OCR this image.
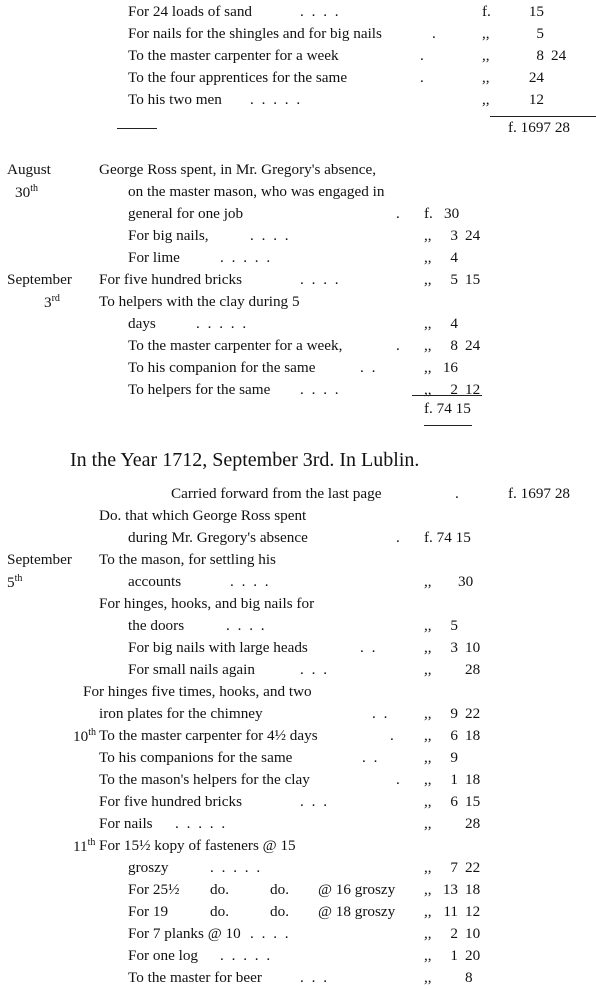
For 24 loads of sand	. . . .	f. 15
For nails for the shingles and for big nails	.	,,	5
To the master carpenter for a week	.	,,	8 24
To the four apprentices for the same	.	,,	24
To his two men . . . . .	,,	12
f. 1697 28
August	George Ross spent, in Mr. Gregory's absence,
30th	on the master mason, who was engaged in
general for one job	. f. 30
For big nails,	. . . .	,,	3 24
For lime	. . . . .	,,	4
September For five hundred bricks	. . . .	,,	5 15
3rd	To helpers with the clay during 5
days	. . . . .	,,	4
To the master carpenter for a week,	. ,,	8 24
To his companion for the same	. .	,, 16
To helpers for the same . . . .	,,	2 12
f. 74 15
In the Year 1712, September 3rd. In Lublin.
Carried forward from the last page	.	f. 1697 28
Do. that which George Ross spent
during Mr. Gregory's absence	. f. 74 15
September To the mason, for settling his
5th	accounts	. . . .	,,	30
For hinges, hooks, and big nails for
the doors	. . . .	,,	5
For big nails with large heads	. .	,,	3 10
For small nails again	. . .	,,	28
For hinges five times, hooks, and two
iron plates for the chimney	. . ,,	9 22
10th To the master carpenter for 4½ days	. ,,	6 18
To his companions for the same	. .	,,	9
To the mason's helpers for the clay	. ,,	1 18
For five hundred bricks	. . .	,,	6 15
For nails . . . . .	,,	28
11th For 15½ kopy of fasteners @ 15
groszy	. . . . .	,,	7 22
For 25½ do.	do. @ 16 groszy ,, 13 18
For 19	do.	do. @ 18 groszy ,, 11 12
For 7 planks @ 10 . . . .	,,	2 10
For one log . . . . .	,,	1 20
To the master for beer	. . .	,,	8
